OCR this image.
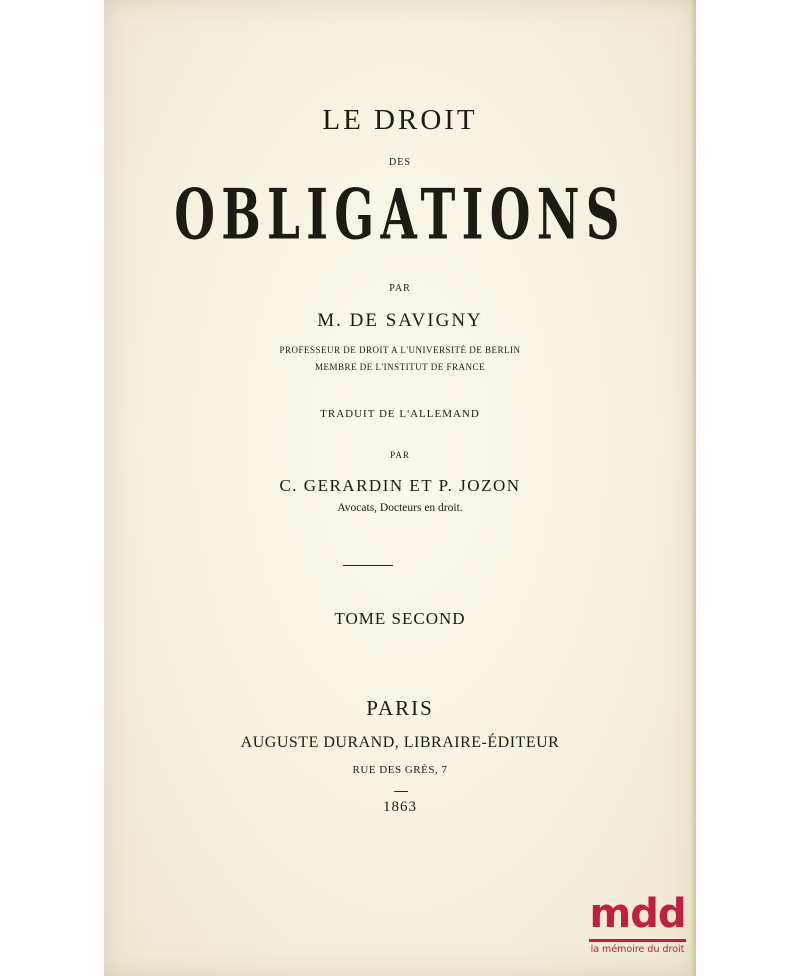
LE DROIT
DES
OBLIGATIONS
PAR
M. DE SAVIGNY
PROFESSEUR DE DROIT A L'UNIVERSITÉ DE BERLIN
MEMBRE DE L'INSTITUT DE FRANCE
TRADUIT DE L'ALLEMAND
PAR
C. GERARDIN ET P. JOZON
Avocats, Docteurs en droit.
TOME SECOND
PARIS
AUGUSTE DURAND, LIBRAIRE-ÉDITEUR
RUE DES GRÈS, 7
1863
mdd
la mémoire du droit
